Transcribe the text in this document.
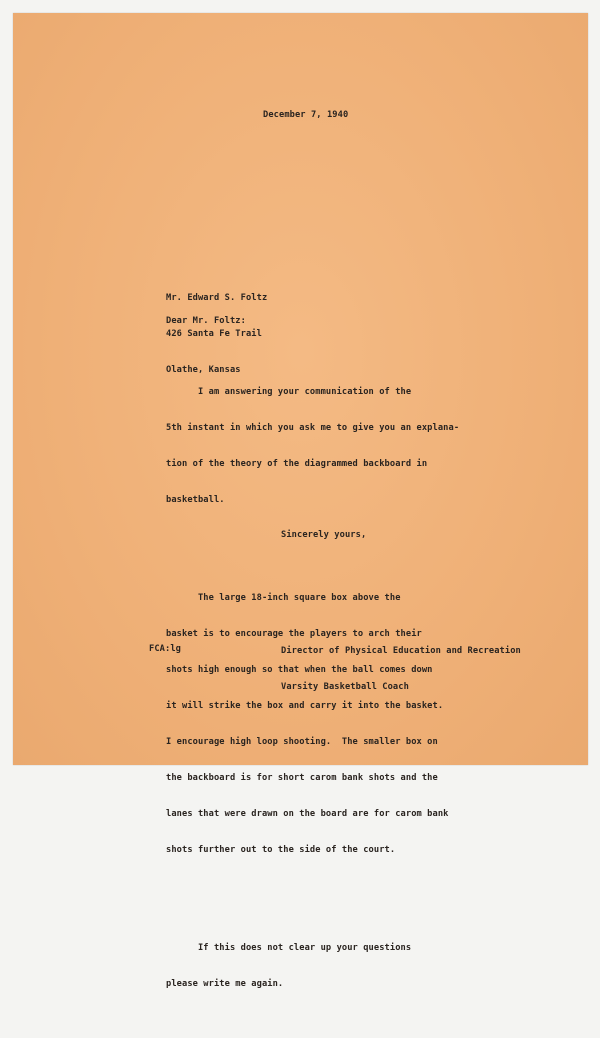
December 7, 1940

Mr. Edward S. Foltz

426 Santa Fe Trail

Olathe, Kansas

Dear Mr. Foltz:

I am answering your communication of the

5th instant in which you ask me to give you an explana-

tion of the theory of the diagrammed backboard in

basketball.

The large 18-inch square box above the

basket is to encourage the players to arch their

shots high enough so that when the ball comes down

it will strike the box and carry it into the basket.

I encourage high loop shooting.  The smaller box on

the backboard is for short carom bank shots and the

lanes that were drawn on the board are for carom bank

shots further out to the side of the court.

If this does not clear up your questions

please write me again.

Sincerely yours,

Director of Physical Education and Recreation

Varsity Basketball Coach

FCA:lg
